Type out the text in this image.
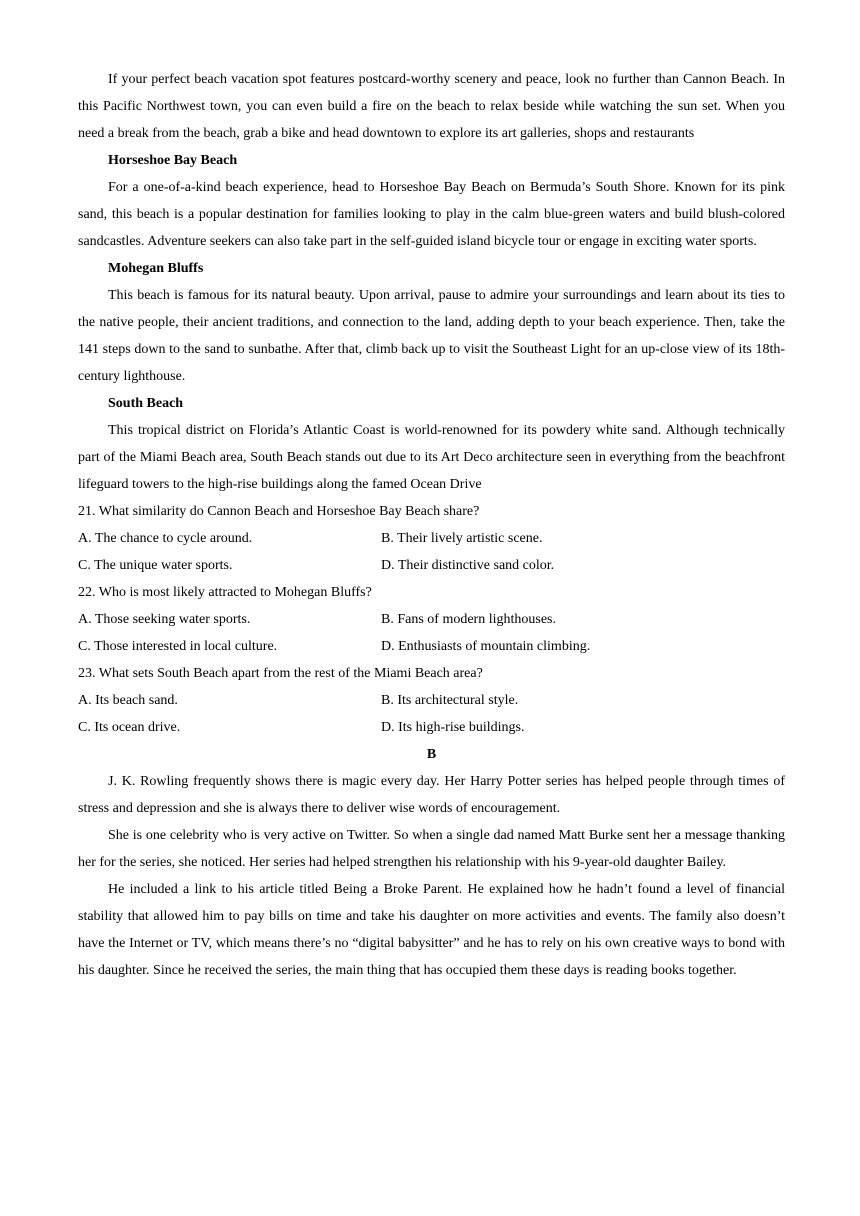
If your perfect beach vacation spot features postcard-worthy scenery and peace, look no further than Cannon Beach. In this Pacific Northwest town, you can even build a fire on the beach to relax beside while watching the sun set. When you need a break from the beach, grab a bike and head downtown to explore its art galleries, shops and restaurants

Horseshoe Bay Beach

For a one-of-a-kind beach experience, head to Horseshoe Bay Beach on Bermuda’s South Shore. Known for its pink sand, this beach is a popular destination for families looking to play in the calm blue-green waters and build blush-colored sandcastles. Adventure seekers can also take part in the self-guided island bicycle tour or engage in exciting water sports.

Mohegan Bluffs

This beach is famous for its natural beauty. Upon arrival, pause to admire your surroundings and learn about its ties to the native people, their ancient traditions, and connection to the land, adding depth to your beach experience. Then, take the 141 steps down to the sand to sunbathe. After that, climb back up to visit the Southeast Light for an up-close view of its 18th-century lighthouse.

South Beach

This tropical district on Florida’s Atlantic Coast is world-renowned for its powdery white sand. Although technically part of the Miami Beach area, South Beach stands out due to its Art Deco architecture seen in everything from the beachfront lifeguard towers to the high-rise buildings along the famed Ocean Drive

21. What similarity do Cannon Beach and Horseshoe Bay Beach share?

A. The chance to cycle around.	B. Their lively artistic scene.
C. The unique water sports.	D. Their distinctive sand color.

22. Who is most likely attracted to Mohegan Bluffs?

A. Those seeking water sports.	B. Fans of modern lighthouses.
C. Those interested in local culture.	D. Enthusiasts of mountain climbing.

23. What sets South Beach apart from the rest of the Miami Beach area?

A. Its beach sand.	B. Its architectural style.
C. Its ocean drive.	D. Its high-rise buildings.

B

J. K. Rowling frequently shows there is magic every day. Her Harry Potter series has helped people through times of stress and depression and she is always there to deliver wise words of encouragement.

She is one celebrity who is very active on Twitter. So when a single dad named Matt Burke sent her a message thanking her for the series, she noticed. Her series had helped strengthen his relationship with his 9-year-old daughter Bailey.

He included a link to his article titled Being a Broke Parent. He explained how he hadn’t found a level of financial stability that allowed him to pay bills on time and take his daughter on more activities and events. The family also doesn’t have the Internet or TV, which means there’s no “digital babysitter” and he has to rely on his own creative ways to bond with his daughter. Since he received the series, the main thing that has occupied them these days is reading books together.
